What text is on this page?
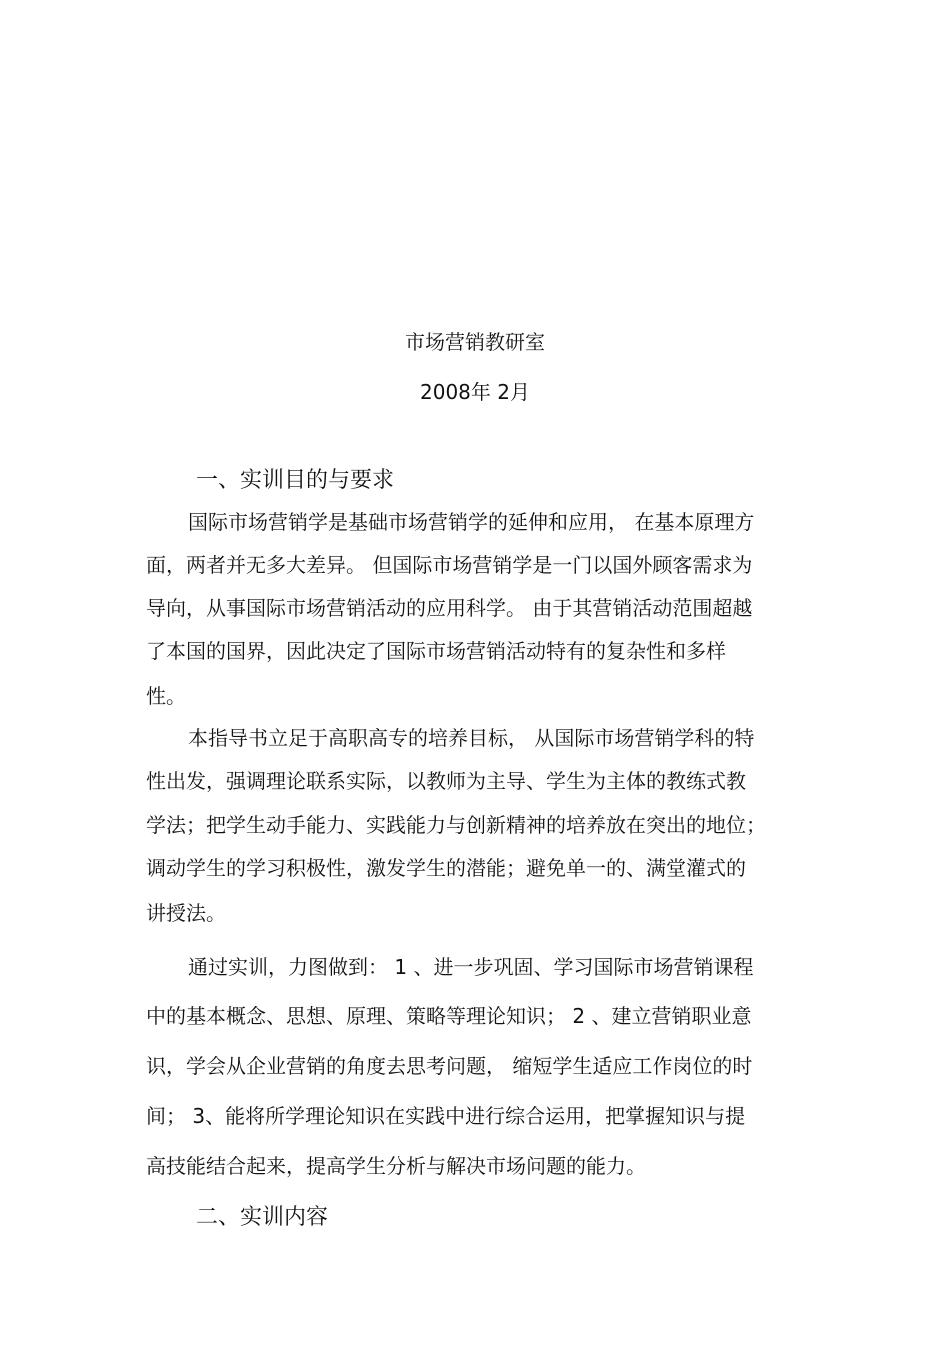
市场营销教研室
2008年 2月
一、实训目的与要求
国际市场营销学是基础市场营销学的延伸和应用， 在基本原理方
面，两者并无多大差异。 但国际市场营销学是一门以国外顾客需求为
导向，从事国际市场营销活动的应用科学。 由于其营销活动范围超越
了本国的国界，因此决定了国际市场营销活动特有的复杂性和多样
性。
本指导书立足于高职高专的培养目标， 从国际市场营销学科的特
性出发，强调理论联系实际，以教师为主导、学生为主体的教练式教
学法；把学生动手能力、实践能力与创新精神的培养放在突出的地位；
调动学生的学习积极性，激发学生的潜能；避免单一的、满堂灌式的
讲授法。
通过实训，力图做到： 1 、进一步巩固、学习国际市场营销课程
中的基本概念、思想、原理、策略等理论知识； 2 、建立营销职业意
识，学会从企业营销的角度去思考问题， 缩短学生适应工作岗位的时
间； 3、能将所学理论知识在实践中进行综合运用，把掌握知识与提
高技能结合起来，提高学生分析与解决市场问题的能力。
二、实训内容
